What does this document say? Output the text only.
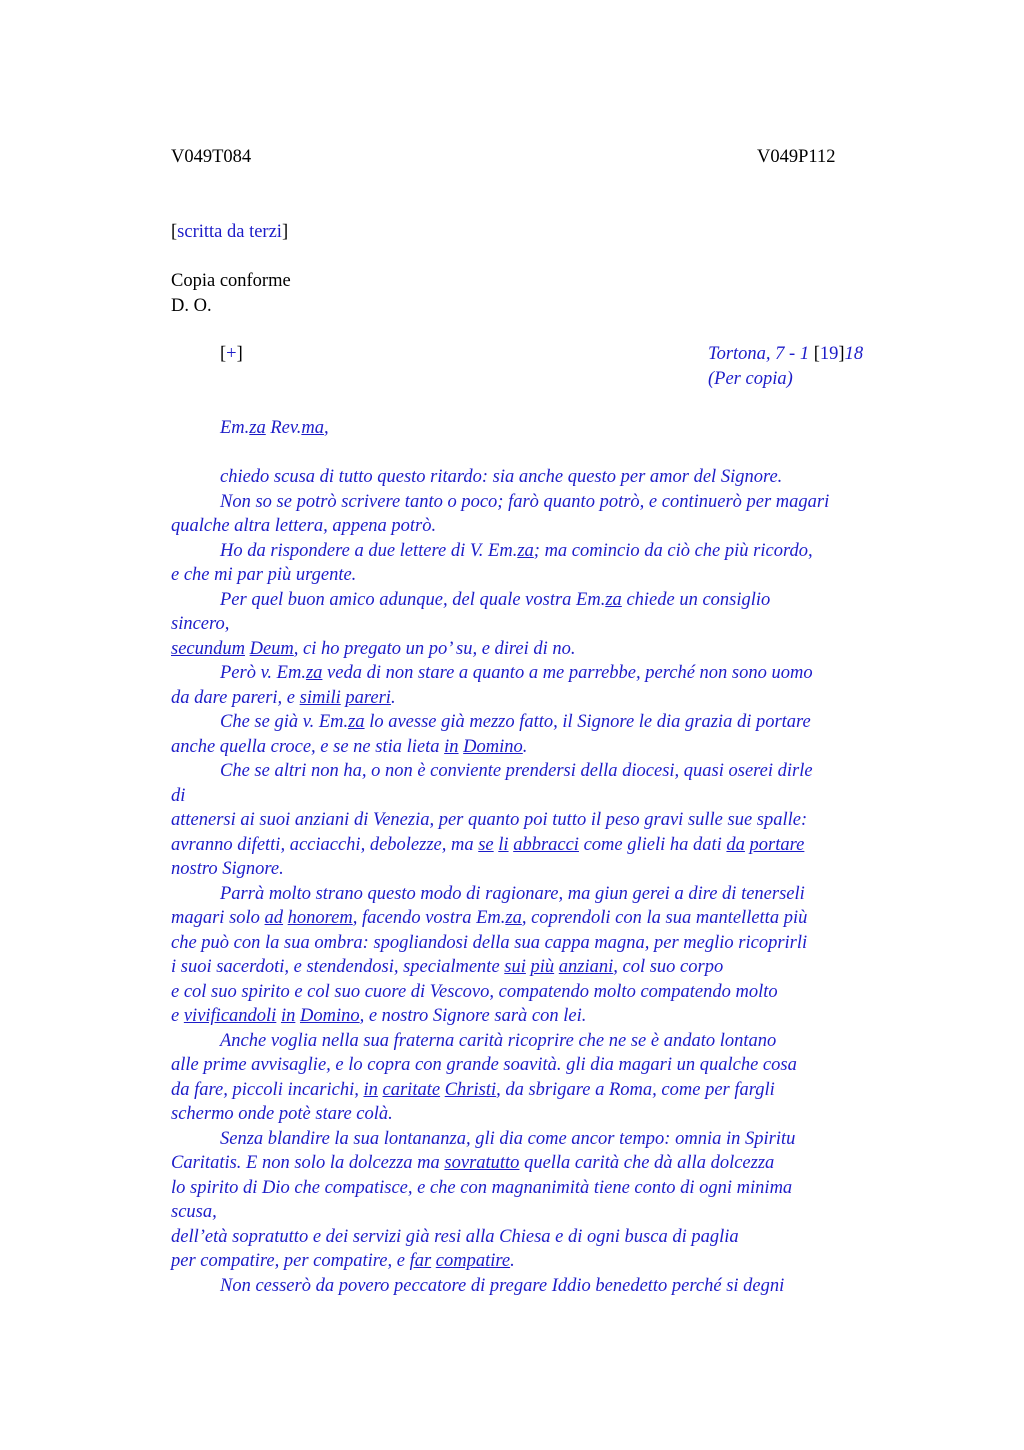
V049T084	V049P112
[scritta da terzi]
Copia conforme
D. O.
[+]	Tortona, 7 - 1 [19]18
(Per copia)
Em.za Rev.ma,
chiedo scusa di tutto questo ritardo: sia anche questo per amor del Signore.
Non so se potrò scrivere tanto o poco; farò quanto potrò, e continuerò per magari
qualche altra lettera, appena potrò.
Ho da rispondere a due lettere di V. Em.za; ma comincio da ciò che più ricordo,
e che mi par più urgente.
Per quel buon amico adunque, del quale vostra Em.za chiede un consiglio
sincero,
secundum Deum, ci ho pregato un po’ su, e direi di no.
Però v. Em.za veda di non stare a quanto a me parrebbe, perché non sono uomo
da dare pareri, e simili pareri.
Che se già v. Em.za lo avesse già mezzo fatto, il Signore le dia grazia di portare
anche quella croce, e se ne stia lieta in Domino.
Che se altri non ha, o non è conviente prendersi della diocesi, quasi oserei dirle
di
attenersi ai suoi anziani di Venezia, per quanto poi tutto il peso gravi sulle sue spalle:
avranno difetti, acciacchi, debolezze, ma se li abbracci come glieli ha dati da portare
nostro Signore.
Parrà molto strano questo modo di ragionare, ma giun gerei a dire di tenerseli
magari solo ad honorem, facendo vostra Em.za, coprendoli con la sua mantelletta più
che può con la sua ombra: spogliandosi della sua cappa magna, per meglio ricoprirli
i suoi sacerdoti, e stendendosi, specialmente sui più anziani, col suo corpo
e col suo spirito e col suo cuore di Vescovo, compatendo molto compatendo molto
e vivificandoli in Domino, e nostro Signore sarà con lei.
Anche voglia nella sua fraterna carità ricoprire che ne se è andato lontano
alle prime avvisaglie, e lo copra con grande soavità. gli dia magari un qualche cosa
da fare, piccoli incarichi, in caritate Christi, da sbrigare a Roma, come per fargli
schermo onde potè stare colà.
Senza blandire la sua lontananza, gli dia come ancor tempo: omnia in Spiritu
Caritatis. E non solo la dolcezza ma sovratutto quella carità che dà alla dolcezza
lo spirito di Dio che compatisce, e che con magnanimità tiene conto di ogni minima
scusa,
dell’età sopratutto e dei servizi già resi alla Chiesa e di ogni busca di paglia
per compatire, per compatire, e far compatire.
Non cesserò da povero peccatore di pregare Iddio benedetto perché si degni
